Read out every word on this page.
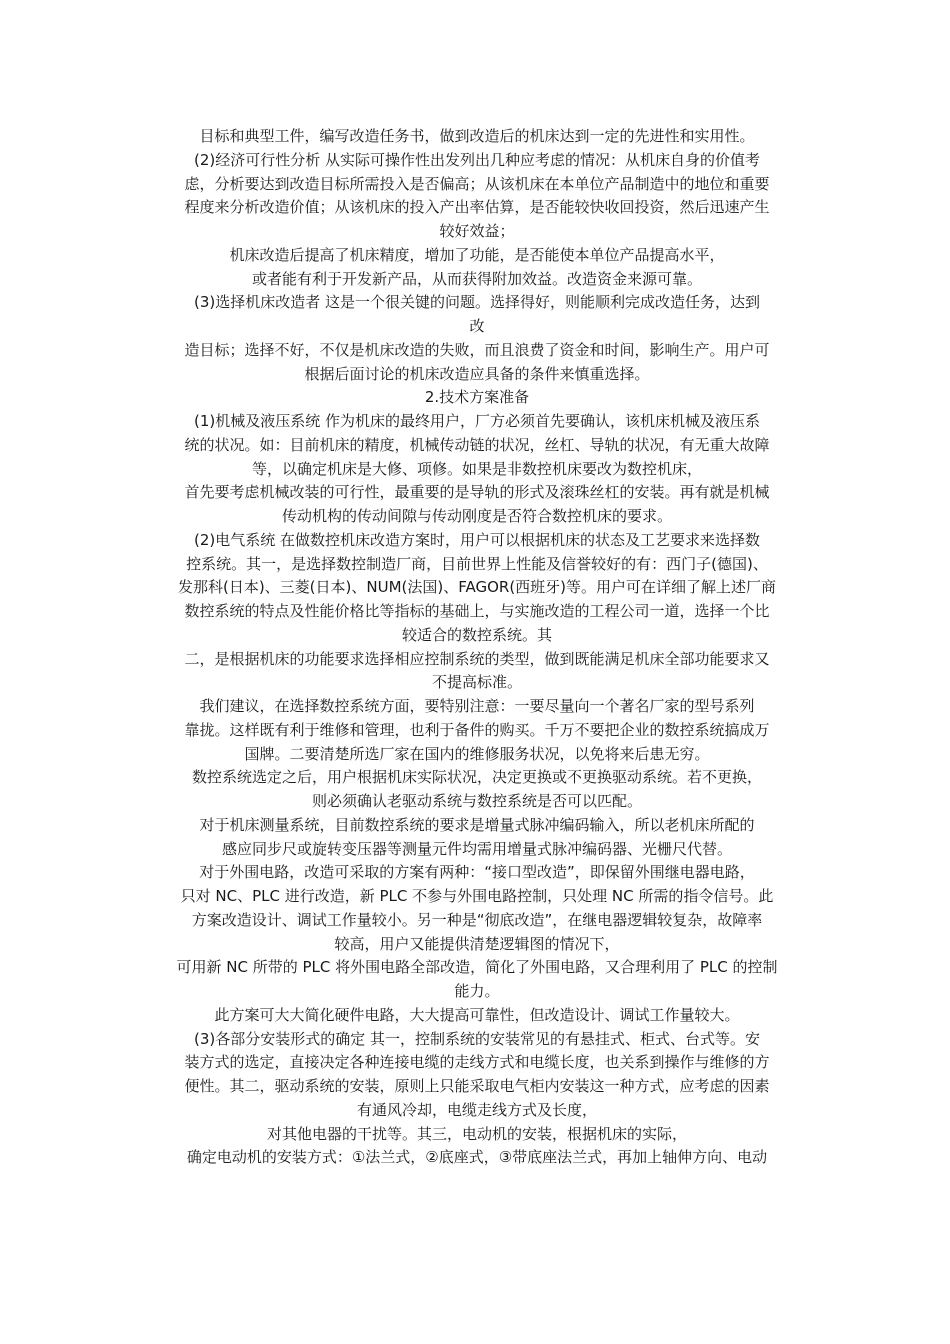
目标和典型工件，编写改造任务书，做到改造后的机床达到一定的先进性和实用性。
(2)经济可行性分析 从实际可操作性出发列出几种应考虑的情况：从机床自身的价值考
虑，分析要达到改造目标所需投入是否偏高；从该机床在本单位产品制造中的地位和重要
程度来分析改造价值；从该机床的投入产出率估算，是否能较快收回投资，然后迅速产生
较好效益；
机床改造后提高了机床精度，增加了功能，是否能使本单位产品提高水平，
或者能有利于开发新产品，从而获得附加效益。改造资金来源可靠。
(3)选择机床改造者 这是一个很关键的问题。选择得好，则能顺利完成改造任务，达到
改
造目标；选择不好，不仅是机床改造的失败，而且浪费了资金和时间，影响生产。用户可
根据后面讨论的机床改造应具备的条件来慎重选择。
2.技术方案准备
(1)机械及液压系统 作为机床的最终用户，厂方必须首先要确认，该机床机械及液压系
统的状况。如：目前机床的精度，机械传动链的状况，丝杠、导轨的状况，有无重大故障
等，以确定机床是大修、项修。如果是非数控机床要改为数控机床，
首先要考虑机械改装的可行性，最重要的是导轨的形式及滚珠丝杠的安装。再有就是机械
传动机构的传动间隙与传动刚度是否符合数控机床的要求。
(2)电气系统 在做数控机床改造方案时，用户可以根据机床的状态及工艺要求来选择数
控系统。其一，是选择数控制造厂商，目前世界上性能及信誉较好的有：西门子(德国)、
发那科(日本)、三菱(日本)、NUM(法国)、FAGOR(西班牙)等。用户可在详细了解上述厂商
数控系统的特点及性能价格比等指标的基础上，与实施改造的工程公司一道，选择一个比
较适合的数控系统。其
二，是根据机床的功能要求选择相应控制系统的类型，做到既能满足机床全部功能要求又
不提高标准。
我们建议，在选择数控系统方面，要特别注意：一要尽量向一个著名厂家的型号系列
靠拢。这样既有利于维修和管理，也利于备件的购买。千万不要把企业的数控系统搞成万
国牌。二要清楚所选厂家在国内的维修服务状况，以免将来后患无穷。
数控系统选定之后，用户根据机床实际状况，决定更换或不更换驱动系统。若不更换，
则必须确认老驱动系统与数控系统是否可以匹配。
对于机床测量系统，目前数控系统的要求是增量式脉冲编码输入，所以老机床所配的
感应同步尺或旋转变压器等测量元件均需用增量式脉冲编码器、光栅尺代替。
对于外围电路，改造可采取的方案有两种：“接口型改造”，即保留外围继电器电路，
只对 NC、PLC 进行改造，新 PLC 不参与外围电路控制，只处理 NC 所需的指令信号。此
方案改造设计、调试工作量较小。另一种是“彻底改造”，在继电器逻辑较复杂，故障率
较高，用户又能提供清楚逻辑图的情况下，
可用新 NC 所带的 PLC 将外围电路全部改造，简化了外围电路，又合理利用了 PLC 的控制
能力。
此方案可大大简化硬件电路，大大提高可靠性，但改造设计、调试工作量较大。
(3)各部分安装形式的确定 其一，控制系统的安装常见的有悬挂式、柜式、台式等。安
装方式的选定，直接决定各种连接电缆的走线方式和电缆长度，也关系到操作与维修的方
便性。其二，驱动系统的安装，原则上只能采取电气柜内安装这一种方式，应考虑的因素
有通风冷却，电缆走线方式及长度，
对其他电器的干扰等。其三，电动机的安装，根据机床的实际，
确定电动机的安装方式：①法兰式，②底座式，③带底座法兰式，再加上轴伸方向、电动
